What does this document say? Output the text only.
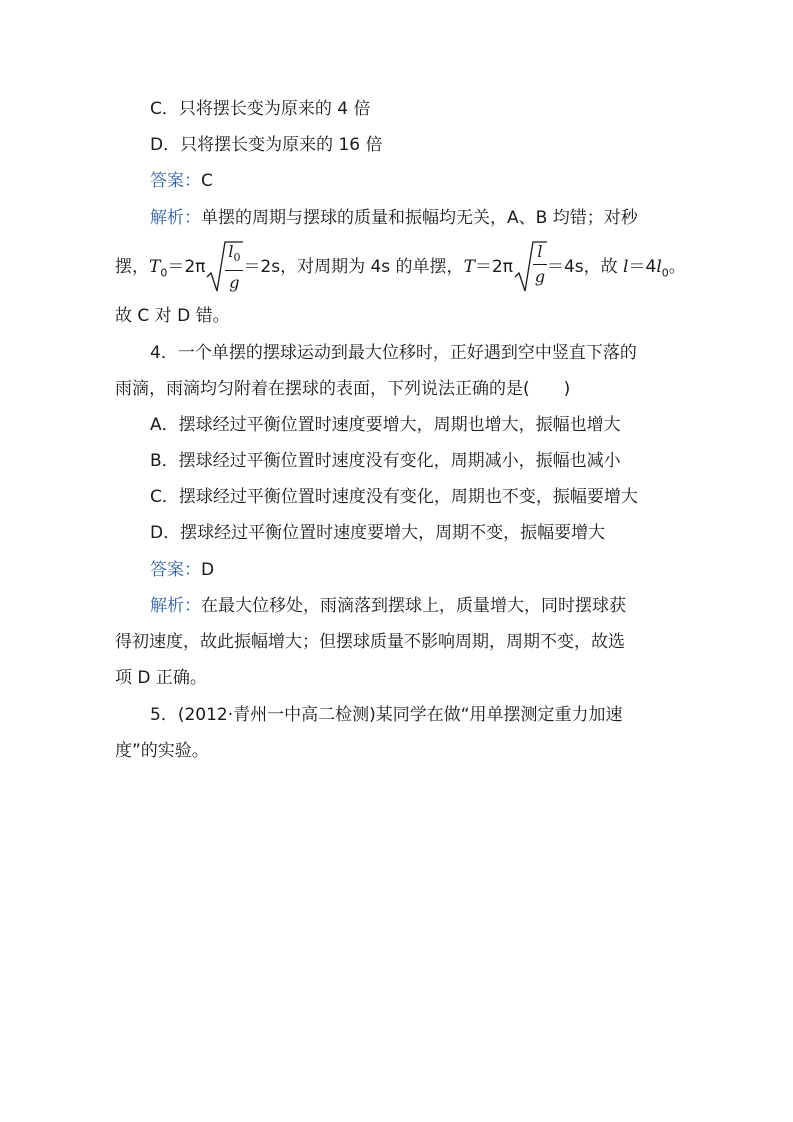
C．只将摆长变为原来的 4 倍
D．只将摆长变为原来的 16 倍
答案：C
解析：单摆的周期与摆球的质量和振幅均无关，A、B 均错；对秒
摆，$T_0=2\pi$
$l_0$
g
＝2s，对周期为 4s 的单摆，T＝2π
l
g ＝4s，故 $l=4l_0$。
故 C 对 D 错。
4．一个单摆的摆球运动到最大位移时，正好遇到空中竖直下落的
雨滴，雨滴均匀附着在摆球的表面，下列说法正确的是(　　)
A．摆球经过平衡位置时速度要增大，周期也增大，振幅也增大
B．摆球经过平衡位置时速度没有变化，周期减小，振幅也减小
C．摆球经过平衡位置时速度没有变化，周期也不变，振幅要增大
D．摆球经过平衡位置时速度要增大，周期不变，振幅要增大
答案：D
解析：在最大位移处，雨滴落到摆球上，质量增大，同时摆球获
得初速度，故此振幅增大；但摆球质量不影响周期，周期不变，故选
项 D 正确。
5．(2012·青州一中高二检测)某同学在做“用单摆测定重力加速
度”的实验。
